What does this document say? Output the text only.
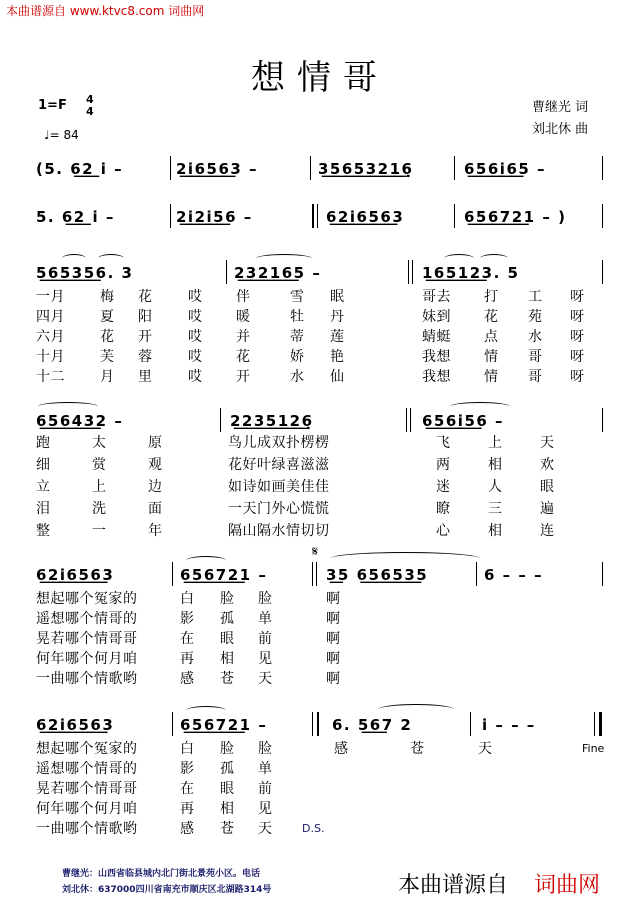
本曲谱源自 www.ktvc8.com 词曲网
想情哥
1=F 4
4
♩= 84
曹继光 词
刘北休 曲
(5. 6͟2͟ i –	2͟i͟6͟5͟6͟3 –	3͟5͟6͟5͟3͟2͟1͟6̣	6͟5͟6͟i͟6͟5 –
5. 6͟2͟ i –	2͟i͟2͟i͟5͟6 –	6͟2͟i͟6͟5͟6͟3	6͟5͟6͟7͟2͟1 – )
5͟6͟5͟3͟5͟6. 3	2͟3͟2͟1͟6͟5 –	1͟6͟5͟1͟2͟3. 5
一月	梅 花	哎 伴	雪 眠	哥去 打 工 呀
四月	夏 阳	哎 暖	牡 丹	妹到 花 苑 呀
六月	花 开	哎 并	蒂 莲	蜻蜓 点 水 呀
十月	芙 蓉	哎 花	娇 艳	我想 情 哥 呀
十二	月 里	哎 开	水 仙	我想 情 哥 呀
6͟5͟6͟4͟3͟2 –	2͟2͟3͟5͟1͟2͟6̣	6͟5͟6͟i͟5͟6 –
跑	太	原	鸟儿成双扑楞楞	飞	上	天
细	赏	观	花好叶绿喜滋滋	两	相	欢
立	上	边	如诗如画美佳佳	迷	人	眼
泪	洗	面	一天门外心慌慌	瞭	三	遍
整	一	年	隔山隔水情切切	心	相	连
𝄋
6͟2͟i͟6͟5͟6͟3	6͟5͟6͟7͟2͟1 –	3͟5 6͟5͟6͟5͟3͟5	6 – – –
想起哪个冤家的	白 脸 脸	啊
遥想哪个情哥的	影 孤 单	啊
晃若哪个情哥哥	在 眼 前	啊
何年哪个何月咱	再 相 见	啊
一曲哪个情歌哟	感 苍 天	啊
6͟2͟i͟6͟5͟6͟3	6͟5͟6͟7͟2͟1 –	6. 5͟6͟7 2	i – – –
Fine
想起哪个冤家的	白 脸 脸	感	苍	天
遥想哪个情哥的	影 孤 单
晃若哪个情哥哥	在 眼 前
何年哪个何月咱	再 相 见
一曲哪个情歌哟	感 苍 天	D.S.
曹继光：山西省临县城内北门街北景苑小区。电话
刘北休：637000四川省南充市顺庆区北湖路314号	本曲谱源自 词曲网
